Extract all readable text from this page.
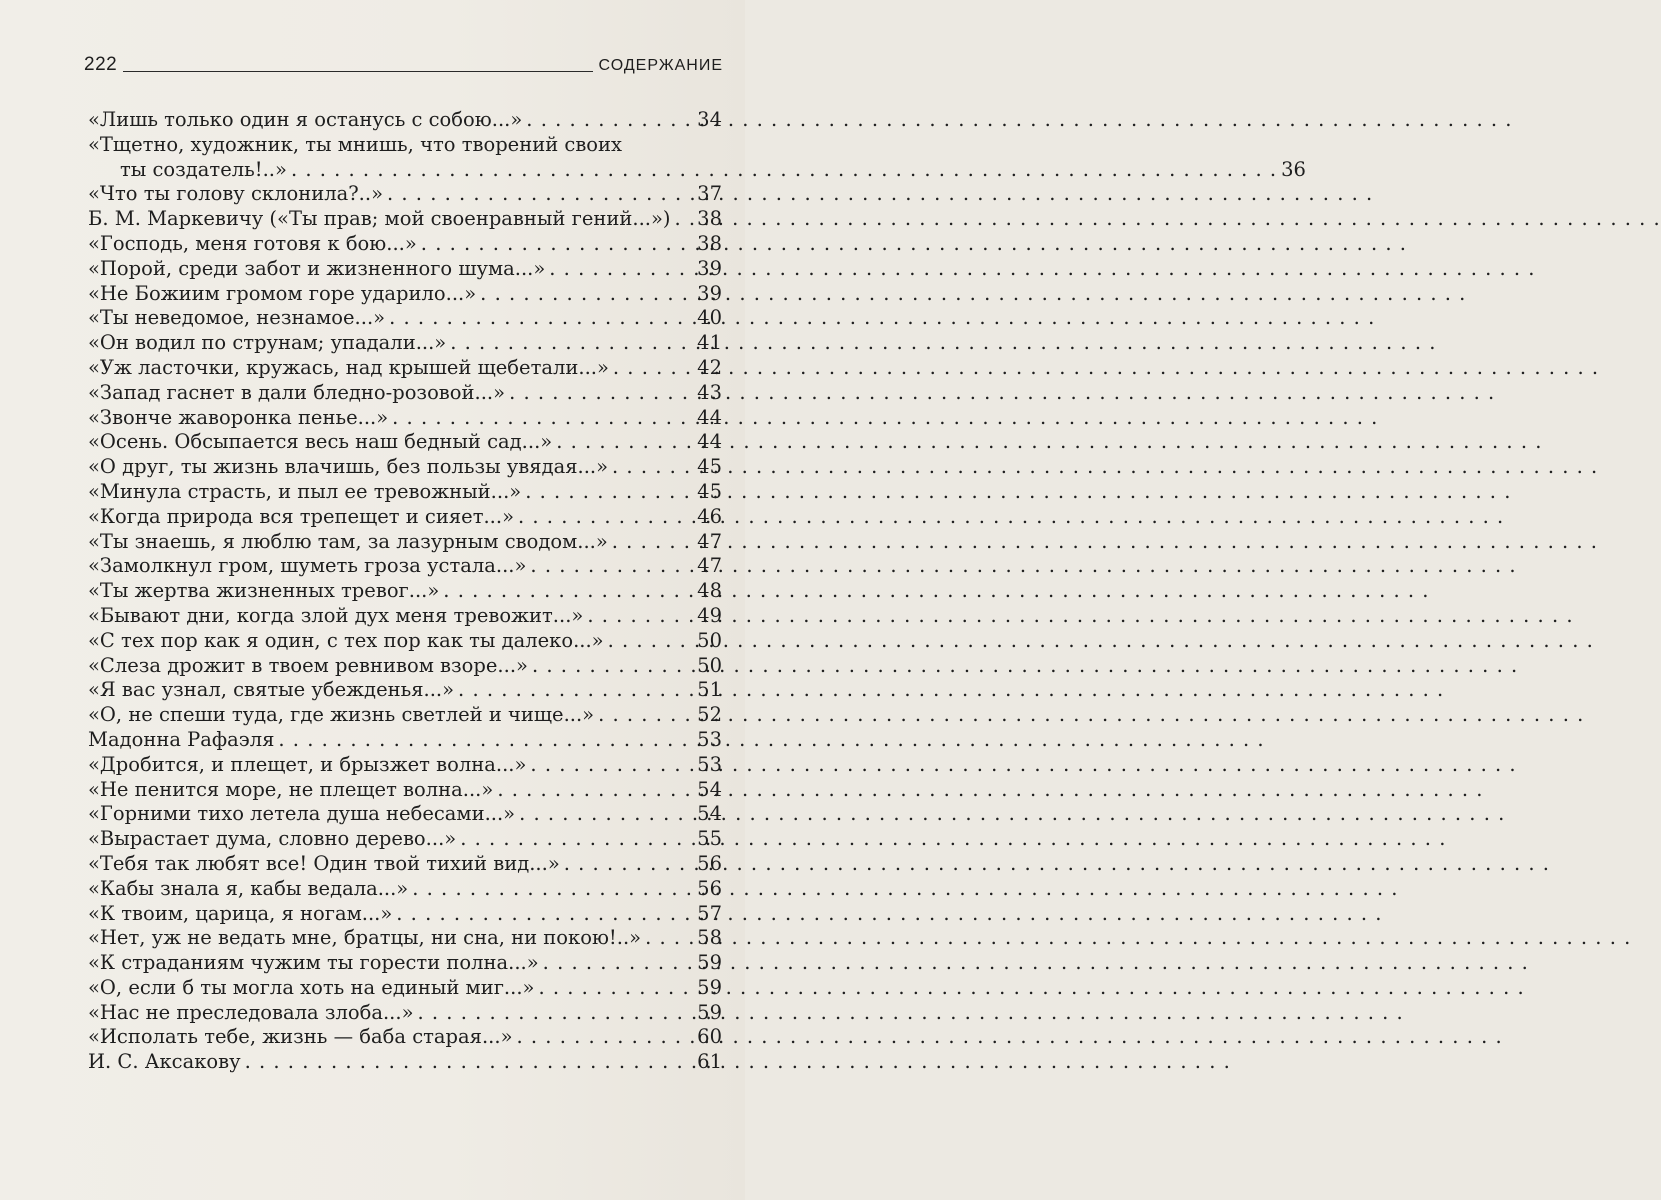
222	СОДЕРЖАНИЕ
«Лишь только один я останусь с собою...» . . .	34
«Тщетно, художник, ты мнишь, что творений своих
ты создатель!..» . . .	36
«Что ты голову склонила?..» . . .	37
Б. М. Маркевичу («Ты прав; мой своенравный гений...») . . . 38
«Господь, меня готовя к бою...» . . .	38
«Порой, среди забот и жизненного шума...» . . .	39
«Не Божиим громом горе ударило...» . . .	39
«Ты неведомое, незнамое...» . . .	40
«Он водил по струнам; упадали...» . . .	41
«Уж ласточки, кружась, над крышей щебетали...» . . .	42
«Запад гаснет в дали бледно-розовой...» . . .	43
«Звонче жаворонка пенье...» . . .	44
«Осень. Обсыпается весь наш бедный сад...» . . .	44
«О друг, ты жизнь влачишь, без пользы увядая...» . . .	45
«Минула страсть, и пыл ее тревожный...» . . .	45
«Когда природа вся трепещет и сияет...» . . .	46
«Ты знаешь, я люблю там, за лазурным сводом...» . . .	47
«Замолкнул гром, шуметь гроза устала...» . . .	47
«Ты жертва жизненных тревог...» . . .	48
«Бывают дни, когда злой дух меня тревожит...» . . .	49
«С тех пор как я один, с тех пор как ты далеко...» . . .	50
«Слеза дрожит в твоем ревнивом взоре...» . . .	50
«Я вас узнал, святые убежденья...» . . .	51
«О, не спеши туда, где жизнь светлей и чище...» . . .	52
Мадонна Рафаэля . . .	53
«Дробится, и плещет, и брызжет волна...» . . .	53
«Не пенится море, не плещет волна...» . . .	54
«Горними тихо летела душа небесами...» . . .	54
«Вырастает дума, словно дерево...» . . .	55
«Тебя так любят все! Один твой тихий вид...» . . .	56
«Кабы знала я, кабы ведала...» . . .	56
«К твоим, царица, я ногам...» . . .	57
«Нет, уж не ведать мне, братцы, ни сна, ни покою!..» . . .	58
«К страданиям чужим ты горести полна...» . . .	59
«О, если б ты могла хоть на единый миг...» . . .	59
«Нас не преследовала злоба...» . . .	59
«Исполать тебе, жизнь — баба старая...» . . .	60
И. С. Аксакову . . .	61
